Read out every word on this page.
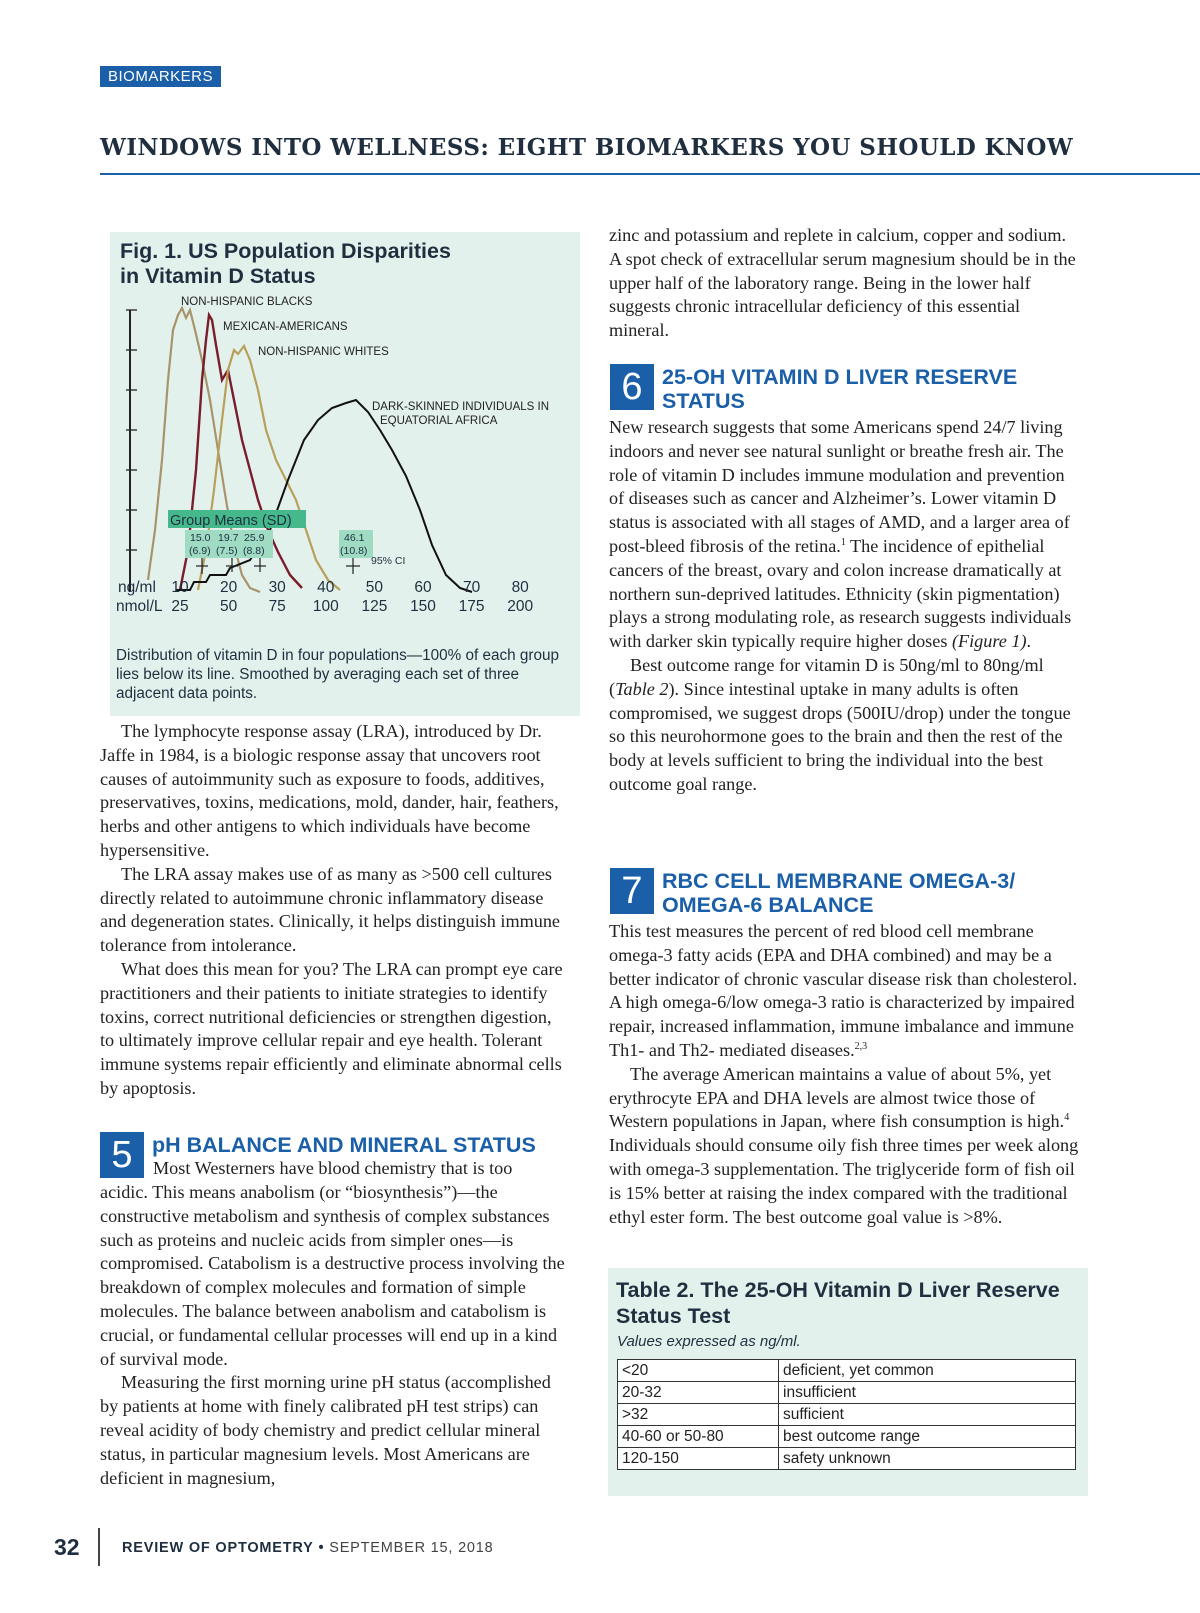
BIOMARKERS
WINDOWS INTO WELLNESS: EIGHT BIOMARKERS YOU SHOULD KNOW
Fig. 1. US Population Disparities
in Vitamin D Status
NON-HISPANIC BLACKS
MEXICAN-AMERICANS
NON-HISPANIC WHITES
DARK-SKINNED INDIVIDUALS IN
EQUATORIAL AFRICA
Group Means (SD)
15.0 19.7 25.9
(6.9) (7.5) (8.8)
46.1
(10.8)
95% CI
ng/ml
nmol/L
10 20 30 40 50 60 70 80
25 50 75 100 125 150 175 200
Distribution of vitamin D in four populations—100% of each group lies below its line. Smoothed by averaging each set of three adjacent data points.

The lymphocyte response assay (LRA), introduced by Dr. Jaffe in 1984, is a biologic response assay that uncovers root causes of autoimmunity such as exposure to foods, additives, preservatives, toxins, medications, mold, dander, hair, feathers, herbs and other antigens to which individuals have become hypersensitive.

The LRA assay makes use of as many as >500 cell cultures directly related to autoimmune chronic inflammatory disease and degeneration states. Clinically, it helps distinguish immune tolerance from intolerance.

What does this mean for you? The LRA can prompt eye care practitioners and their patients to initiate strategies to identify toxins, correct nutritional deficiencies or strengthen digestion, to ultimately improve cellular repair and eye health. Tolerant immune systems repair efficiently and eliminate abnormal cells by apoptosis.

5 pH BALANCE AND MINERAL STATUS
Most Westerners have blood chemistry that is too

acidic. This means anabolism (or “biosynthesis”)—the constructive metabolism and synthesis of complex substances such as proteins and nucleic acids from simpler ones—is compromised. Catabolism is a destructive process involving the breakdown of complex molecules and formation of simple molecules. The balance between anabolism and catabolism is crucial, or fundamental cellular processes will end up in a kind of survival mode.

Measuring the first morning urine pH status (accomplished by patients at home with finely calibrated pH test strips) can reveal acidity of body chemistry and predict cellular mineral status, in particular magnesium levels. Most Americans are deficient in magnesium,

zinc and potassium and replete in calcium, copper and sodium. A spot check of extracellular serum magnesium should be in the upper half of the laboratory range. Being in the lower half suggests chronic intracellular deficiency of this essential mineral.

6 25-OH VITAMIN D LIVER RESERVE
STATUS

New research suggests that some Americans spend 24/7 living indoors and never see natural sunlight or breathe fresh air. The role of vitamin D includes immune modulation and prevention of diseases such as cancer and Alzheimer’s. Lower vitamin D status is associated with all stages of AMD, and a larger area of post-bleed fibrosis of the retina.$^1$ The incidence of epithelial cancers of the breast, ovary and colon increase dramatically at northern sun-deprived latitudes. Ethnicity (skin pigmentation) plays a strong modulating role, as research suggests individuals with darker skin typically require higher doses (Figure 1).

Best outcome range for vitamin D is 50ng/ml to 80ng/ml (Table 2). Since intestinal uptake in many adults is often compromised, we suggest drops (500IU/drop) under the tongue so this neurohormone goes to the brain and then the rest of the body at levels sufficient to bring the individual into the best outcome goal range.

7 RBC CELL MEMBRANE OMEGA-3/
OMEGA-6 BALANCE

This test measures the percent of red blood cell membrane omega-3 fatty acids (EPA and DHA combined) and may be a better indicator of chronic vascular disease risk than cholesterol. A high omega-6/low omega-3 ratio is characterized by impaired repair, increased inflammation, immune imbalance and immune Th1- and Th2- mediated diseases.$^{2,3}$

The average American maintains a value of about 5%, yet erythrocyte EPA and DHA levels are almost twice those of Western populations in Japan, where fish consumption is high.$^4$ Individuals should consume oily fish three times per week along with omega-3 supplementation. The triglyceride form of fish oil is 15% better at raising the index compared with the traditional ethyl ester form. The best outcome goal value is >8%.

Table 2. The 25-OH Vitamin D Liver Reserve
Status Test
Values expressed as ng/ml.
<20	deficient, yet common
20-32	insufficient
>32	sufficient
40-60 or 50-80	best outcome range
120-150	safety unknown
32	REVIEW OF OPTOMETRY • SEPTEMBER 15, 2018
